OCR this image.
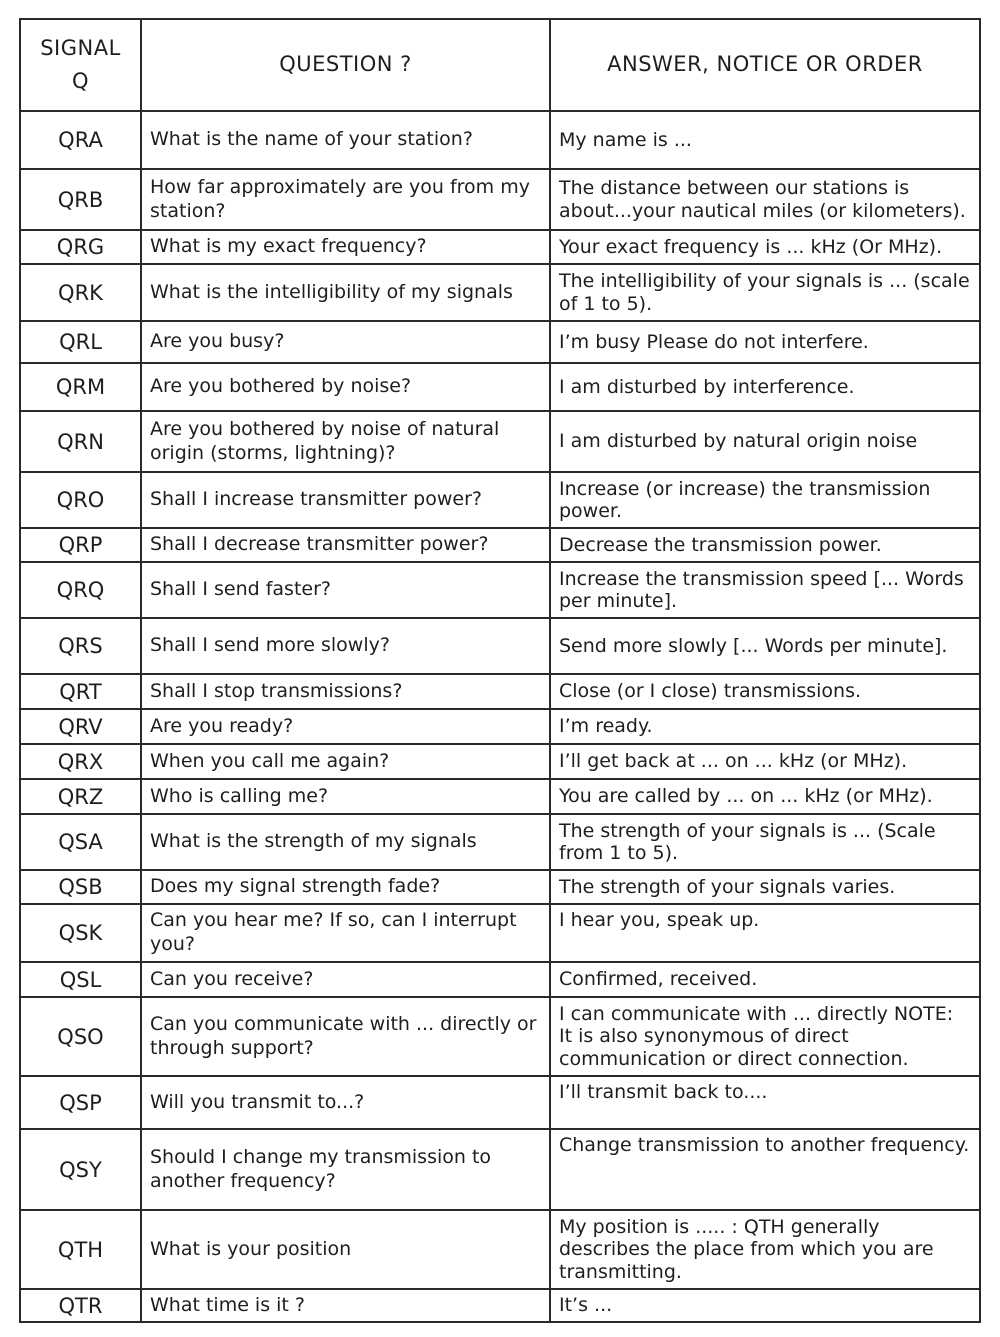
SIGNAL Q	QUESTION ?	ANSWER, NOTICE OR ORDER
QRA	What is the name of your station?	My name is ...
QRB	How far approximately are you from my station?	The distance between our stations is about...your nautical miles (or kilometers).
QRG	What is my exact frequency?	Your exact frequency is ... kHz (Or MHz).
QRK	What is the intelligibility of my signals	The intelligibility of your signals is ... (scale of 1 to 5).
QRL	Are you busy?	I’m busy Please do not interfere.
QRM	Are you bothered by noise?	I am disturbed by interference.
QRN	Are you bothered by noise of natural origin (storms, lightning)?	I am disturbed by natural origin noise
QRO	Shall I increase transmitter power?	Increase (or increase) the transmission power.
QRP	Shall I decrease transmitter power?	Decrease the transmission power.
QRQ	Shall I send faster?	Increase the transmission speed [... Words per minute].
QRS	Shall I send more slowly?	Send more slowly [... Words per minute].
QRT	Shall I stop transmissions?	Close (or I close) transmissions.
QRV	Are you ready?	I’m ready.
QRX	When you call me again?	I’ll get back at ... on ... kHz (or MHz).
QRZ	Who is calling me?	You are called by ... on ... kHz (or MHz).
QSA	What is the strength of my signals	The strength of your signals is ... (Scale from 1 to 5).
QSB	Does my signal strength fade?	The strength of your signals varies.
QSK	Can you hear me? If so, can I interrupt you?	I hear you, speak up.
QSL	Can you receive?	Confirmed, received.
QSO	Can you communicate with ... directly or through support?	I can communicate with ... directly NOTE: It is also synonymous of direct communication or direct connection.
QSP	Will you transmit to...?	I’ll transmit back to....
QSY	Should I change my transmission to another frequency?	Change transmission to another frequency.
QTH	What is your position	My position is ..... : QTH generally describes the place from which you are transmitting.
QTR	What time is it ?	It’s ...
